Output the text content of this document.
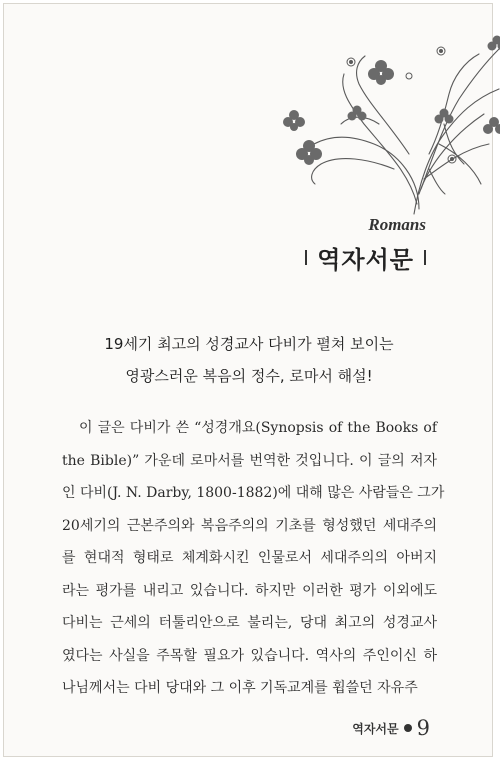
Romans
역자서문
19세기 최고의 성경교사 다비가 펼쳐 보이는
영광스러운 복음의 정수, 로마서 해설!
이 글은 다비가 쓴 “성경개요(Synopsis of the Books of
the Bible)” 가운데 로마서를 번역한 것입니다. 이 글의 저자
인 다비(J. N. Darby, 1800-1882)에 대해 많은 사람들은 그가
20세기의 근본주의와 복음주의의 기초를 형성했던 세대주의
를 현대적 형태로 체계화시킨 인물로서 세대주의의 아버지
라는 평가를 내리고 있습니다. 하지만 이러한 평가 이외에도
다비는 근세의 터툴리안으로 불리는, 당대 최고의 성경교사
였다는 사실을 주목할 필요가 있습니다. 역사의 주인이신 하
나님께서는 다비 당대와 그 이후 기독교계를 휩쓸던 자유주
역자서문 9
